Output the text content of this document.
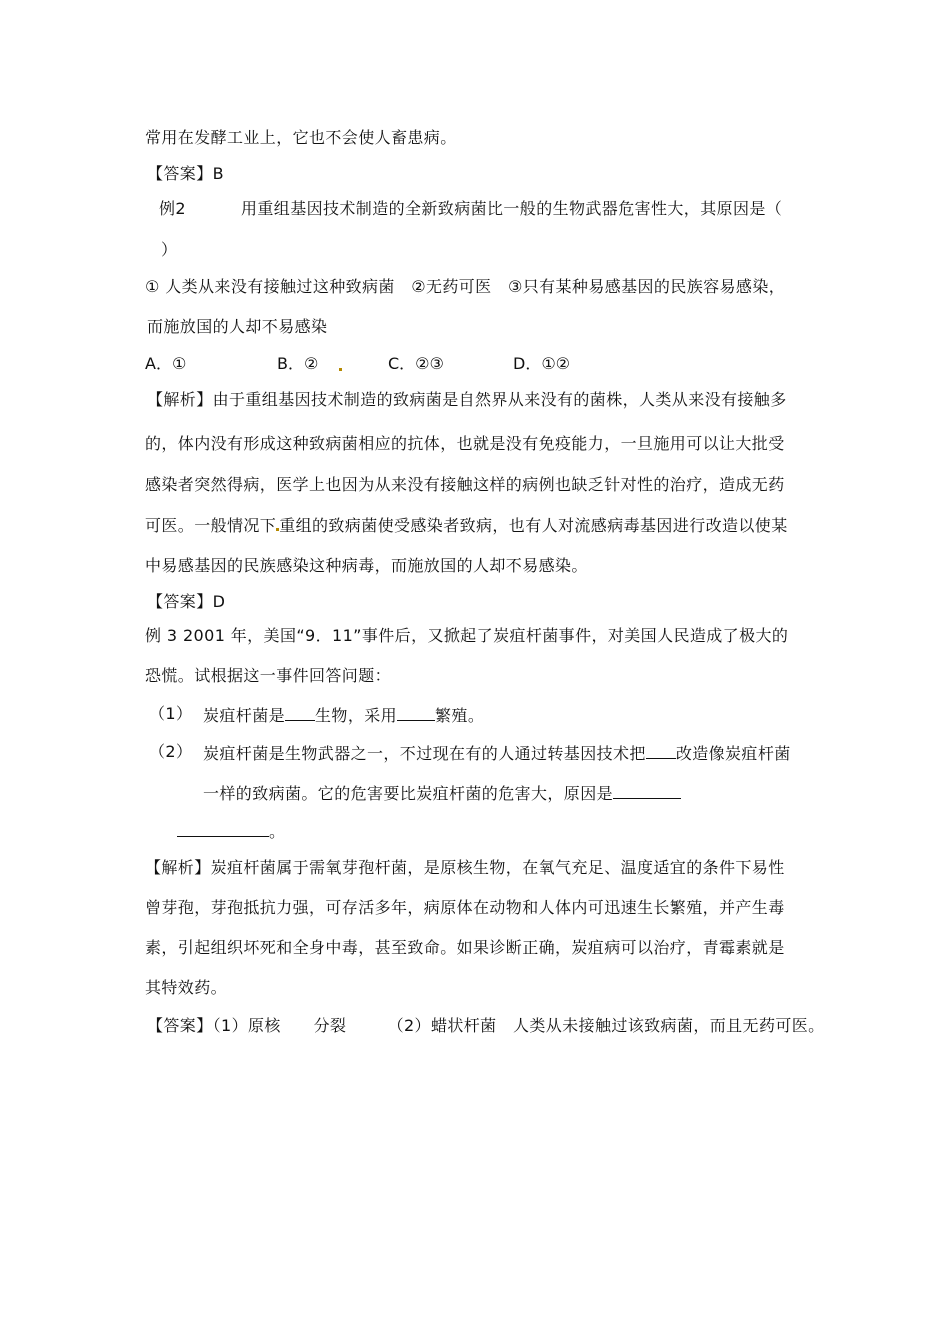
常用在发酵工业上，它也不会使人畜患病。
【答案】B
例2	用重组基因技术制造的全新致病菌比一般的生物武器危害性大，其原因是（
）
① 人类从来没有接触过这种致病菌　②无药可医　③只有某种易感基因的民族容易感染，
而施放国的人却不易感染
A．①	B．②	C．②③	D．①②
【解析】由于重组基因技术制造的致病菌是自然界从来没有的菌株，人类从来没有接触多
的，体内没有形成这种致病菌相应的抗体，也就是没有免疫能力，一旦施用可以让大批受
感染者突然得病，医学上也因为从来没有接触这样的病例也缺乏针对性的治疗，造成无药
可医。一般情况下 重组的致病菌使受感染者致病，也有人对流感病毒基因进行改造以使某
中易感基因的民族感染这种病毒，而施放国的人却不易感染。
【答案】D
例 3 2001 年，美国“9．11”事件后，又掀起了炭疽杆菌事件，对美国人民造成了极大的
恐慌。试根据这一事件回答问题：
（1） 炭疽杆菌是 生物，采用 繁殖。
（2） 炭疽杆菌是生物武器之一，不过现在有的人通过转基因技术把 改造像炭疽杆菌
一样的致病菌。它的危害要比炭疽杆菌的危害大，原因是
。
【解析】炭疽杆菌属于需氧芽孢杆菌，是原核生物，在氧气充足、温度适宜的条件下易性
曾芽孢，芽孢抵抗力强，可存活多年，病原体在动物和人体内可迅速生长繁殖，并产生毒
素，引起组织坏死和全身中毒，甚至致命。如果诊断正确，炭疽病可以治疗，青霉素就是
其特效药。
【答案】（1）原核　　分裂　　　（2）蜡状杆菌　人类从未接触过该致病菌，而且无药可医。
